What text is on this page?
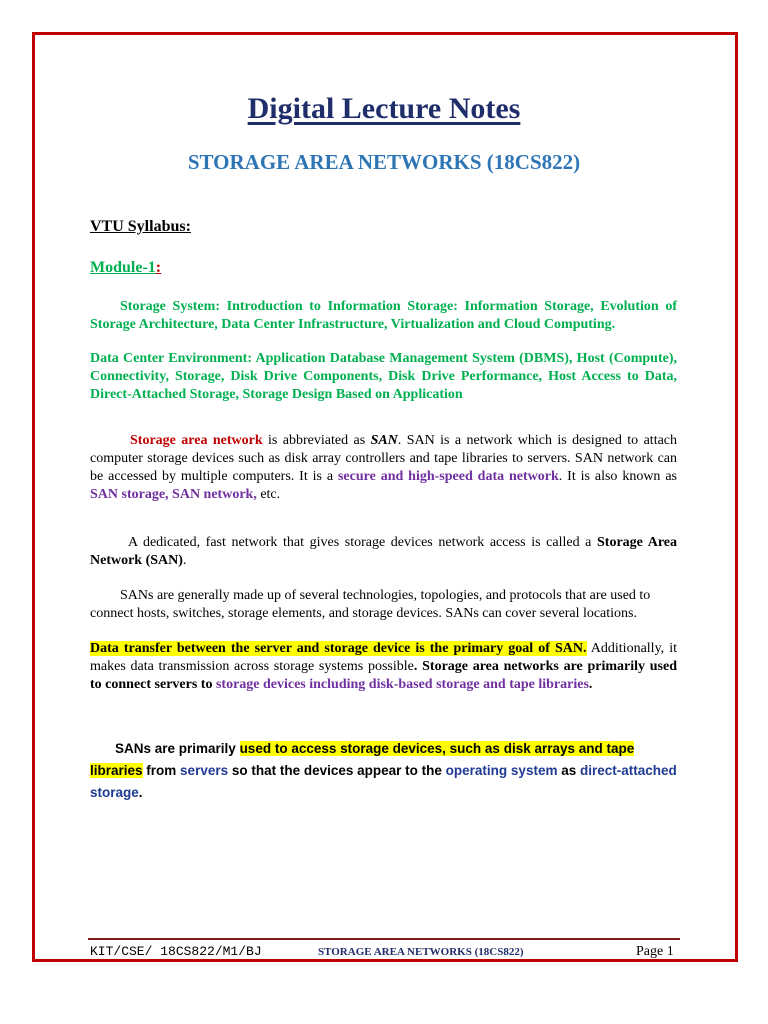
Digital Lecture Notes
STORAGE AREA NETWORKS (18CS822)
VTU Syllabus:
Module-1:

Storage System: Introduction to Information Storage: Information Storage, Evolution of Storage Architecture, Data Center Infrastructure, Virtualization and Cloud Computing.

Data Center Environment: Application Database Management System (DBMS), Host (Compute), Connectivity, Storage, Disk Drive Components, Disk Drive Performance, Host Access to Data, Direct-Attached Storage, Storage Design Based on Application

Storage area network is abbreviated as SAN. SAN is a network which is designed to attach computer storage devices such as disk array controllers and tape libraries to servers. SAN network can be accessed by multiple computers. It is a secure and high-speed data network. It is also known as SAN storage, SAN network, etc.

A dedicated, fast network that gives storage devices network access is called a Storage Area Network (SAN).

SANs are generally made up of several technologies, topologies, and protocols that are used to connect hosts, switches, storage elements, and storage devices. SANs can cover several locations.

Data transfer between the server and storage device is the primary goal of SAN. Additionally, it makes data transmission across storage systems possible. Storage area networks are primarily used to connect servers to storage devices including disk-based storage and tape libraries.

SANs are primarily used to access storage devices, such as disk arrays and tape libraries from servers so that the devices appear to the operating system as direct-attached storage.

KIT/CSE/ 18CS822/M1/BJ	STORAGE AREA NETWORKS (18CS822)	Page 1
